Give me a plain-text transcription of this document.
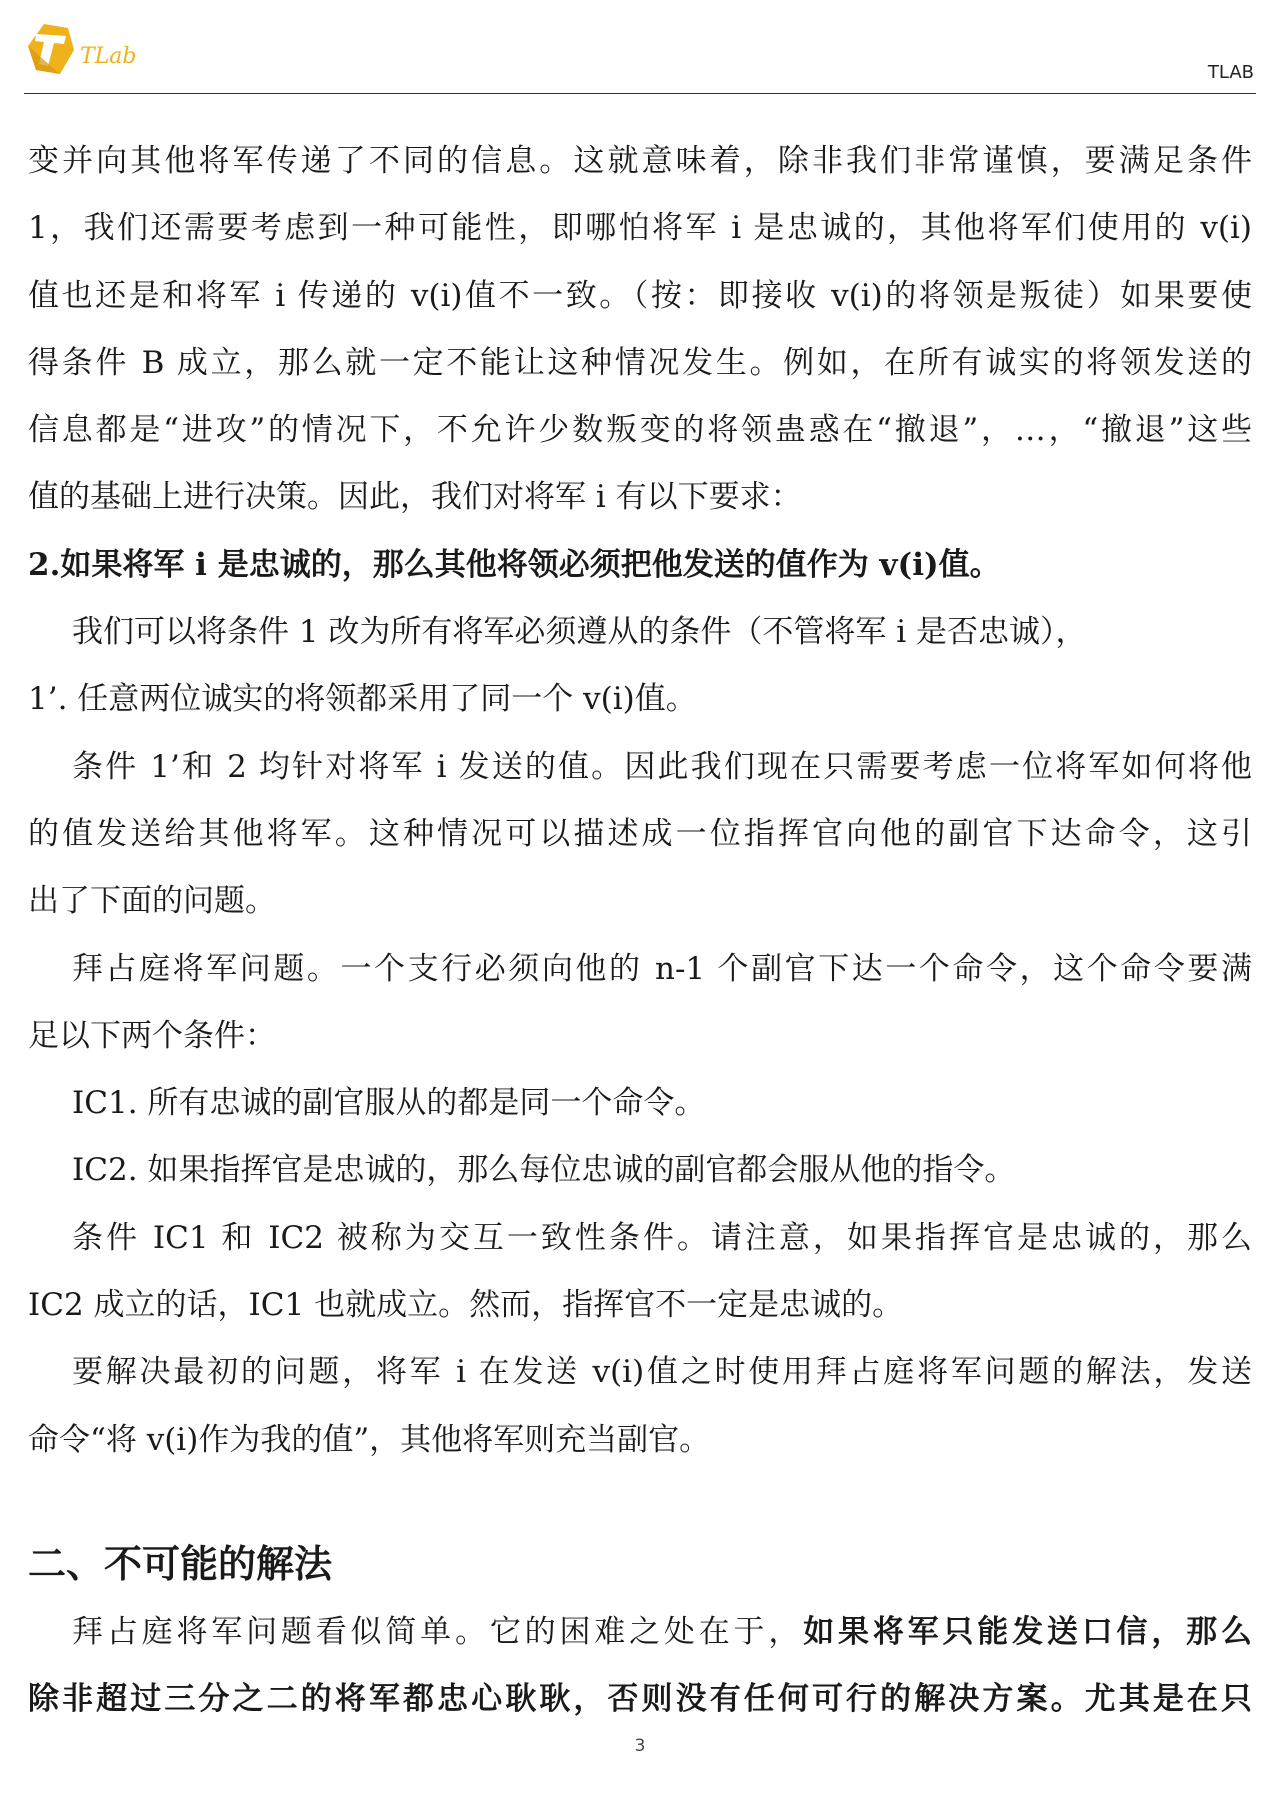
TLab
TLAB

变并向其他将军传递了不同的信息。这就意味着，除非我们非常谨慎，要满足条件

1，我们还需要考虑到一种可能性，即哪怕将军 i 是忠诚的，其他将军们使用的 v(i)

值也还是和将军 i 传递的 v(i)值不一致。（按：即接收 v(i)的将领是叛徒）如果要使

得条件 B 成立，那么就一定不能让这种情况发生。例如，在所有诚实的将领发送的

信息都是“进攻”的情况下，不允许少数叛变的将领蛊惑在“撤退”，…，“撤退”这些

值的基础上进行决策。因此，我们对将军 i 有以下要求：

2.如果将军 i 是忠诚的，那么其他将领必须把他发送的值作为 v(i)值。

我们可以将条件 1 改为所有将军必须遵从的条件（不管将军 i 是否忠诚），

1’. 任意两位诚实的将领都采用了同一个 v(i)值。

条件 1’和 2 均针对将军 i 发送的值。因此我们现在只需要考虑一位将军如何将他

的值发送给其他将军。这种情况可以描述成一位指挥官向他的副官下达命令，这引

出了下面的问题。

拜占庭将军问题。一个支行必须向他的 n-1 个副官下达一个命令，这个命令要满

足以下两个条件：

IC1. 所有忠诚的副官服从的都是同一个命令。

IC2. 如果指挥官是忠诚的，那么每位忠诚的副官都会服从他的指令。

条件 IC1 和 IC2 被称为交互一致性条件。请注意，如果指挥官是忠诚的，那么

IC2 成立的话，IC1 也就成立。然而，指挥官不一定是忠诚的。

要解决最初的问题，将军 i 在发送 v(i)值之时使用拜占庭将军问题的解法，发送

命令“将 v(i)作为我的值”，其他将军则充当副官。

二、不可能的解法

拜占庭将军问题看似简单。它的困难之处在于，如果将军只能发送口信，那么

除非超过三分之二的将军都忠心耿耿，否则没有任何可行的解决方案。尤其是在只

3
